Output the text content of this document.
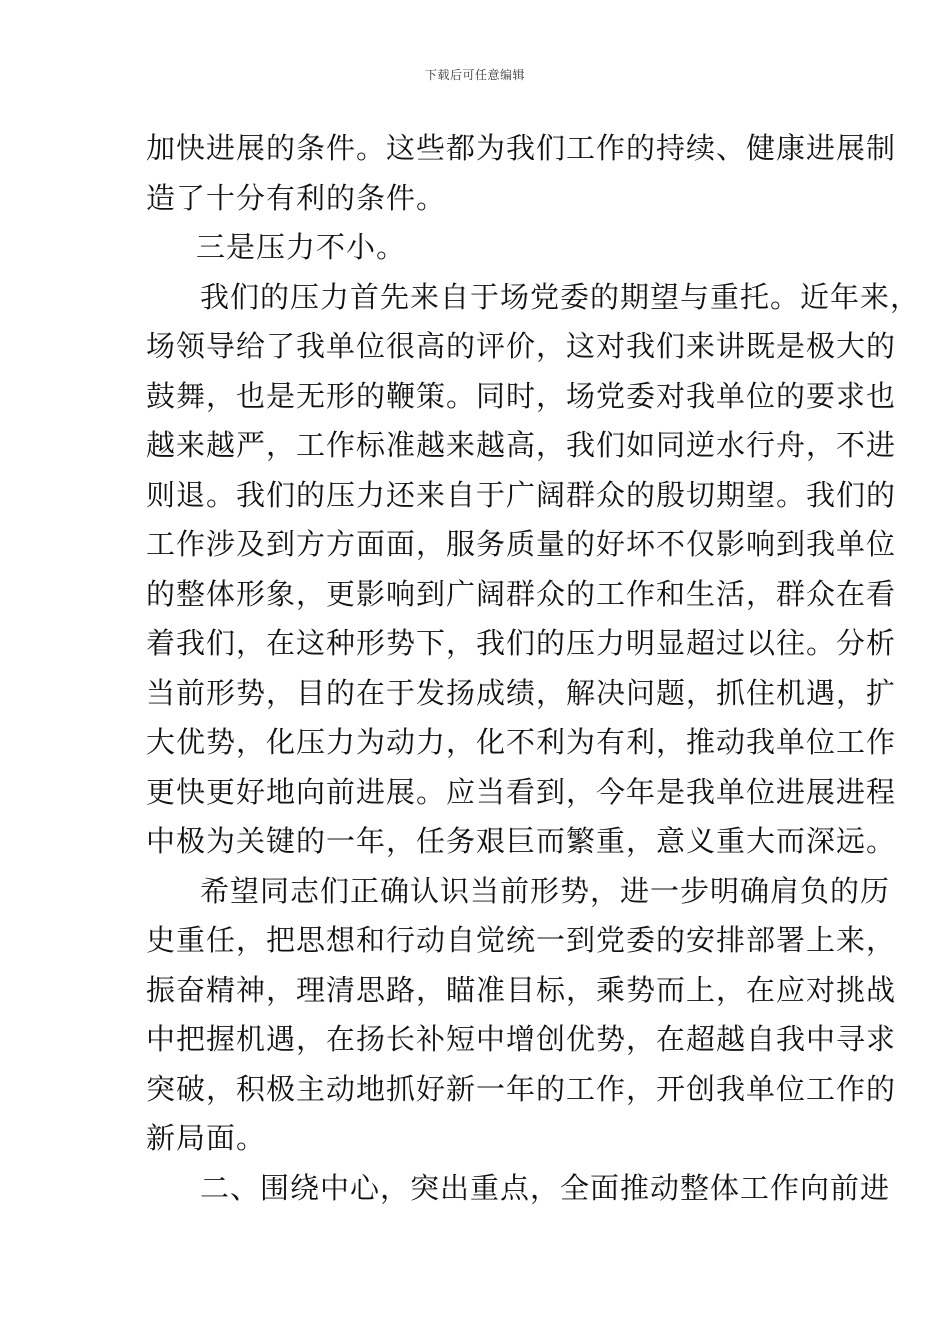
下载后可任意编辑
加快进展的条件。这些都为我们工作的持续、健康进展制
造了十分有利的条件。
三是压力不小。
我们的压力首先来自于场党委的期望与重托。近年来，
场领导给了我单位很高的评价，这对我们来讲既是极大的
鼓舞，也是无形的鞭策。同时，场党委对我单位的要求也
越来越严，工作标准越来越高，我们如同逆水行舟，不进
则退。我们的压力还来自于广阔群众的殷切期望。我们的
工作涉及到方方面面，服务质量的好坏不仅影响到我单位
的整体形象，更影响到广阔群众的工作和生活，群众在看
着我们，在这种形势下，我们的压力明显超过以往。分析
当前形势，目的在于发扬成绩，解决问题，抓住机遇，扩
大优势，化压力为动力，化不利为有利，推动我单位工作
更快更好地向前进展。应当看到，今年是我单位进展进程
中极为关键的一年，任务艰巨而繁重，意义重大而深远。
希望同志们正确认识当前形势，进一步明确肩负的历
史重任，把思想和行动自觉统一到党委的安排部署上来，
振奋精神，理清思路，瞄准目标，乘势而上，在应对挑战
中把握机遇，在扬长补短中增创优势，在超越自我中寻求
突破，积极主动地抓好新一年的工作，开创我单位工作的
新局面。
二、围绕中心，突出重点，全面推动整体工作向前进
